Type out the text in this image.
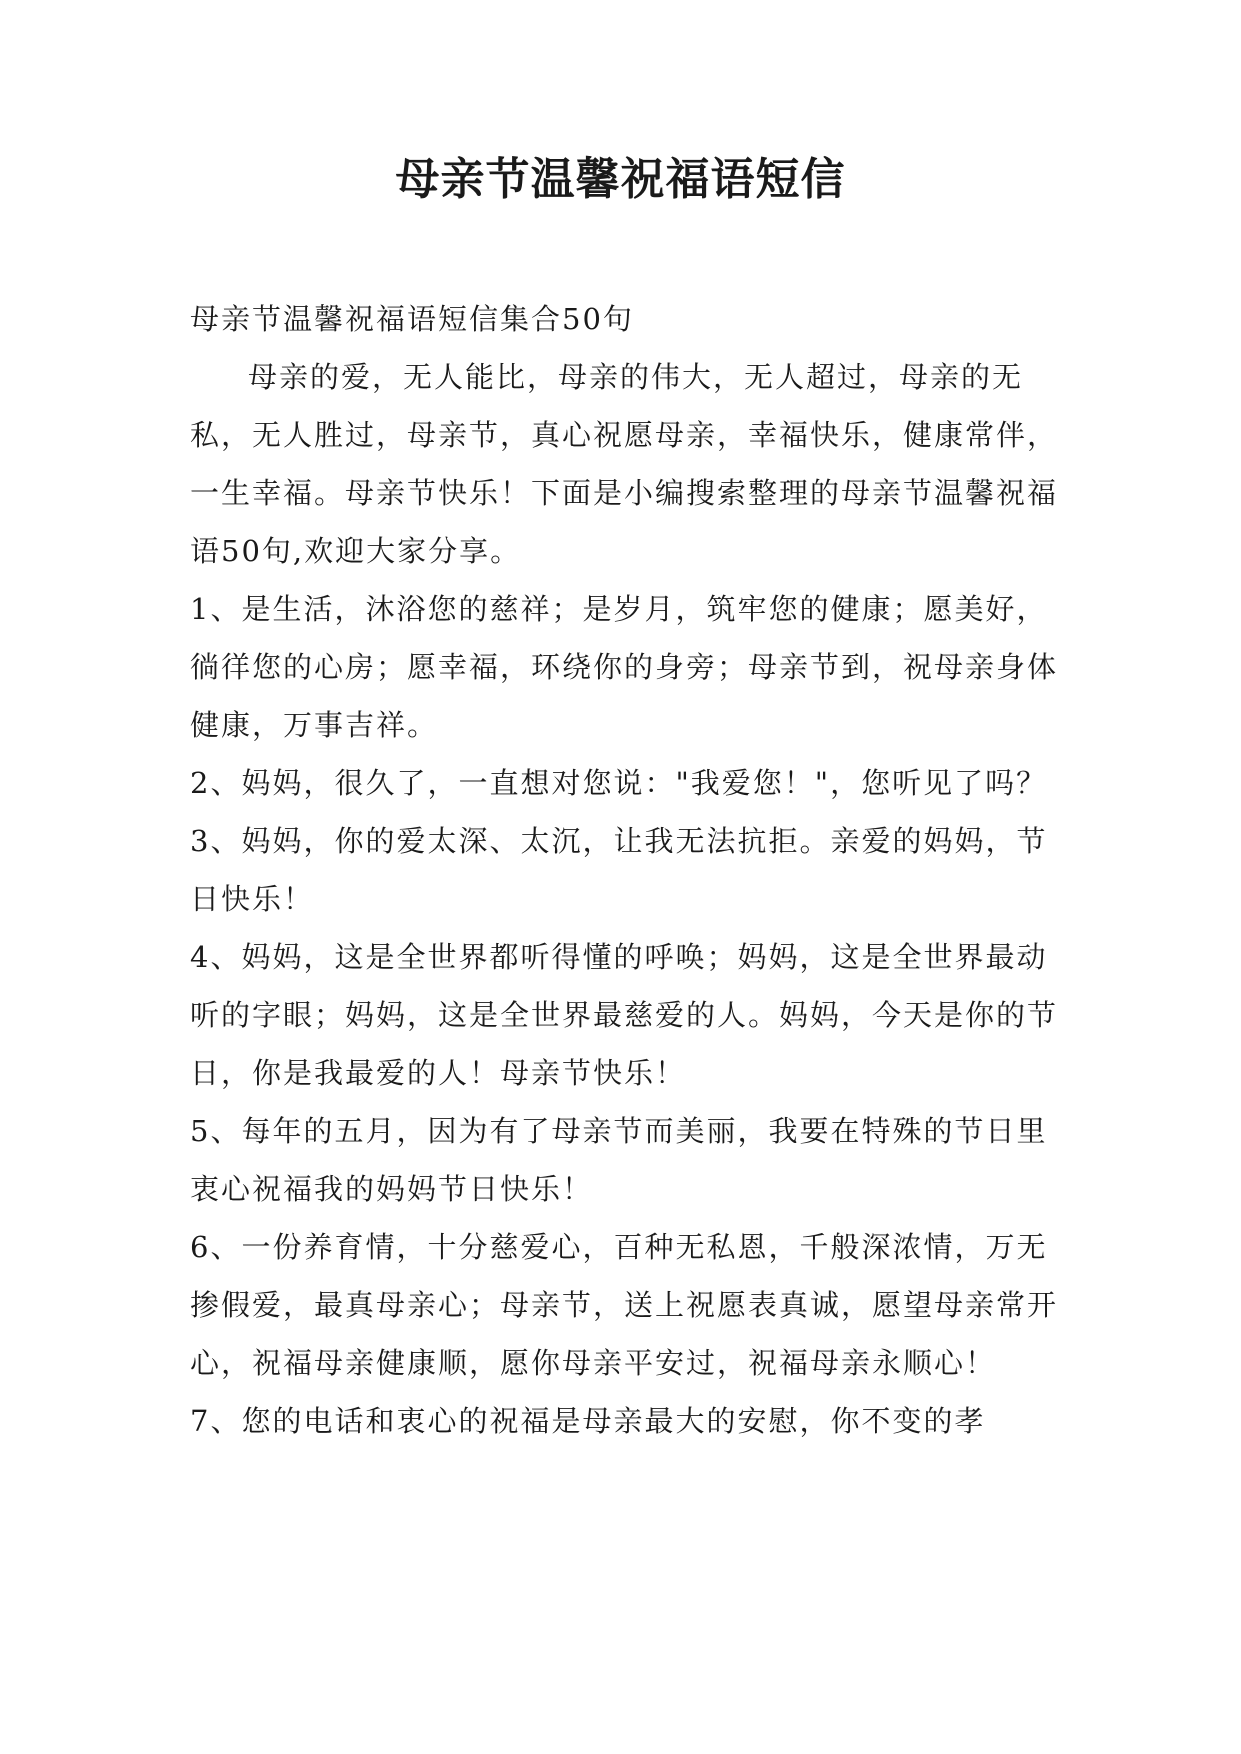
母亲节温馨祝福语短信

母亲节温馨祝福语短信集合50句

母亲的爱，无人能比，母亲的伟大，无人超过，母亲的无私，无人胜过，母亲节，真心祝愿母亲，幸福快乐，健康常伴，一生幸福。母亲节快乐！下面是小编搜索整理的母亲节温馨祝福语50句,欢迎大家分享。

1、是生活，沐浴您的慈祥；是岁月，筑牢您的健康；愿美好，徜徉您的心房；愿幸福，环绕你的身旁；母亲节到，祝母亲身体健康，万事吉祥。

2、妈妈，很久了，一直想对您说："我爱您！"，您听见了吗？

3、妈妈，你的爱太深、太沉，让我无法抗拒。亲爱的妈妈，节日快乐！

4、妈妈，这是全世界都听得懂的呼唤；妈妈，这是全世界最动听的字眼；妈妈，这是全世界最慈爱的人。妈妈，今天是你的节日，你是我最爱的人！母亲节快乐！

5、每年的五月，因为有了母亲节而美丽，我要在特殊的节日里衷心祝福我的妈妈节日快乐！

6、一份养育情，十分慈爱心，百种无私恩，千般深浓情，万无掺假爱，最真母亲心；母亲节，送上祝愿表真诚，愿望母亲常开心，祝福母亲健康顺，愿你母亲平安过，祝福母亲永顺心！

7、您的电话和衷心的祝福是母亲最大的安慰，你不变的孝
